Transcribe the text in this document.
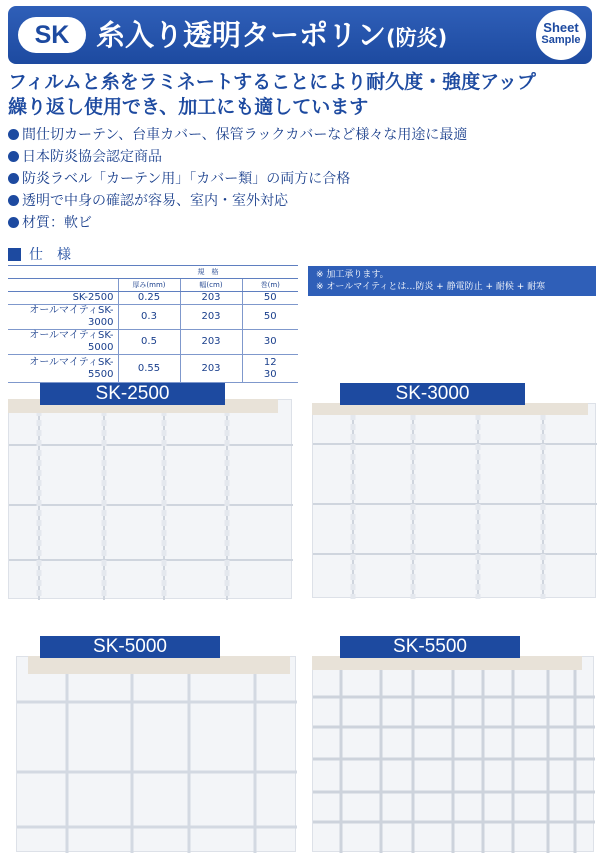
SK 糸入り透明ターポリン(防炎)	Sheet
Sample
フィルムと糸をラミネートすることにより耐久度・強度アップ
繰り返し使用でき、加工にも適しています
間仕切カーテン、台車カバー、保管ラックカバーなど様々な用途に最適
日本防炎協会認定商品
防炎ラベル「カーテン用」「カバー類」の両方に合格
透明で中身の確認が容易、室内・室外対応
材質：軟ビ
仕　様
	規　格		
	厚み(mm)	幅(cm)	巻(m)
SK-2500	0.25	203	50
オールマイティSK-3000	0.3	203	50
オールマイティSK-5000	0.5	203	30
オールマイティSK-5500	0.55	203	12
30
※ 加工承ります。
※ オールマイティとは…防炎 + 静電防止 + 耐候 + 耐寒
SK-2500	SK-3000
SK-5000	SK-5500
